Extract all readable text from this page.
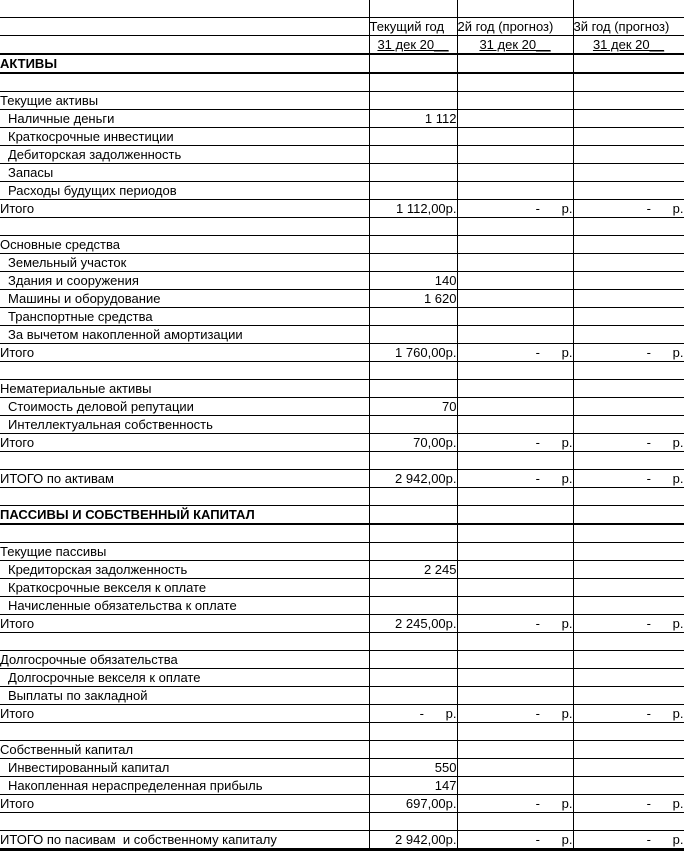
	Текущий год	2й год (прогноз)	3й год (прогноз)
	31 дек 20__	31 дек 20__	31 дек 20__
АКТИВЫ			

Текущие активы			
Наличные деньги	1 112		
Краткосрочные инвестиции			
Дебиторская задолженность			
Запасы			
Расходы будущих периодов			
Итого	1 112,00р.	-      р.	-      р.

Основные средства			
Земельный участок			
Здания и сооружения	140		
Машины и оборудование	1 620		
Транспортные средства			
За вычетом накопленной амортизации			
Итого	1 760,00р.	-      р.	-      р.

Нематериальные активы			
Стоимость деловой репутации	70		
Интеллектуальная собственность			
Итого	70,00р.	-      р.	-      р.

ИТОГО по активам	2 942,00р.	-      р.	-      р.

ПАССИВЫ И СОБСТВЕННЫЙ КАПИТАЛ			

Текущие пассивы			
Кредиторская задолженность	2 245		
Краткосрочные векселя к оплате			
Начисленные обязательства к оплате			
Итого	2 245,00р.	-      р.	-      р.

Долгосрочные обязательства			
Долгосрочные векселя к оплате			
Выплаты по закладной			
Итого	-      р.	-      р.	-      р.

Собственный капитал			
Инвестированный капитал	550		
Накопленная нераспределенная прибыль	147		
Итого	697,00р.	-      р.	-      р.

ИТОГО по пасивам  и собственному капиталу	2 942,00р.	-      р.	-      р.
